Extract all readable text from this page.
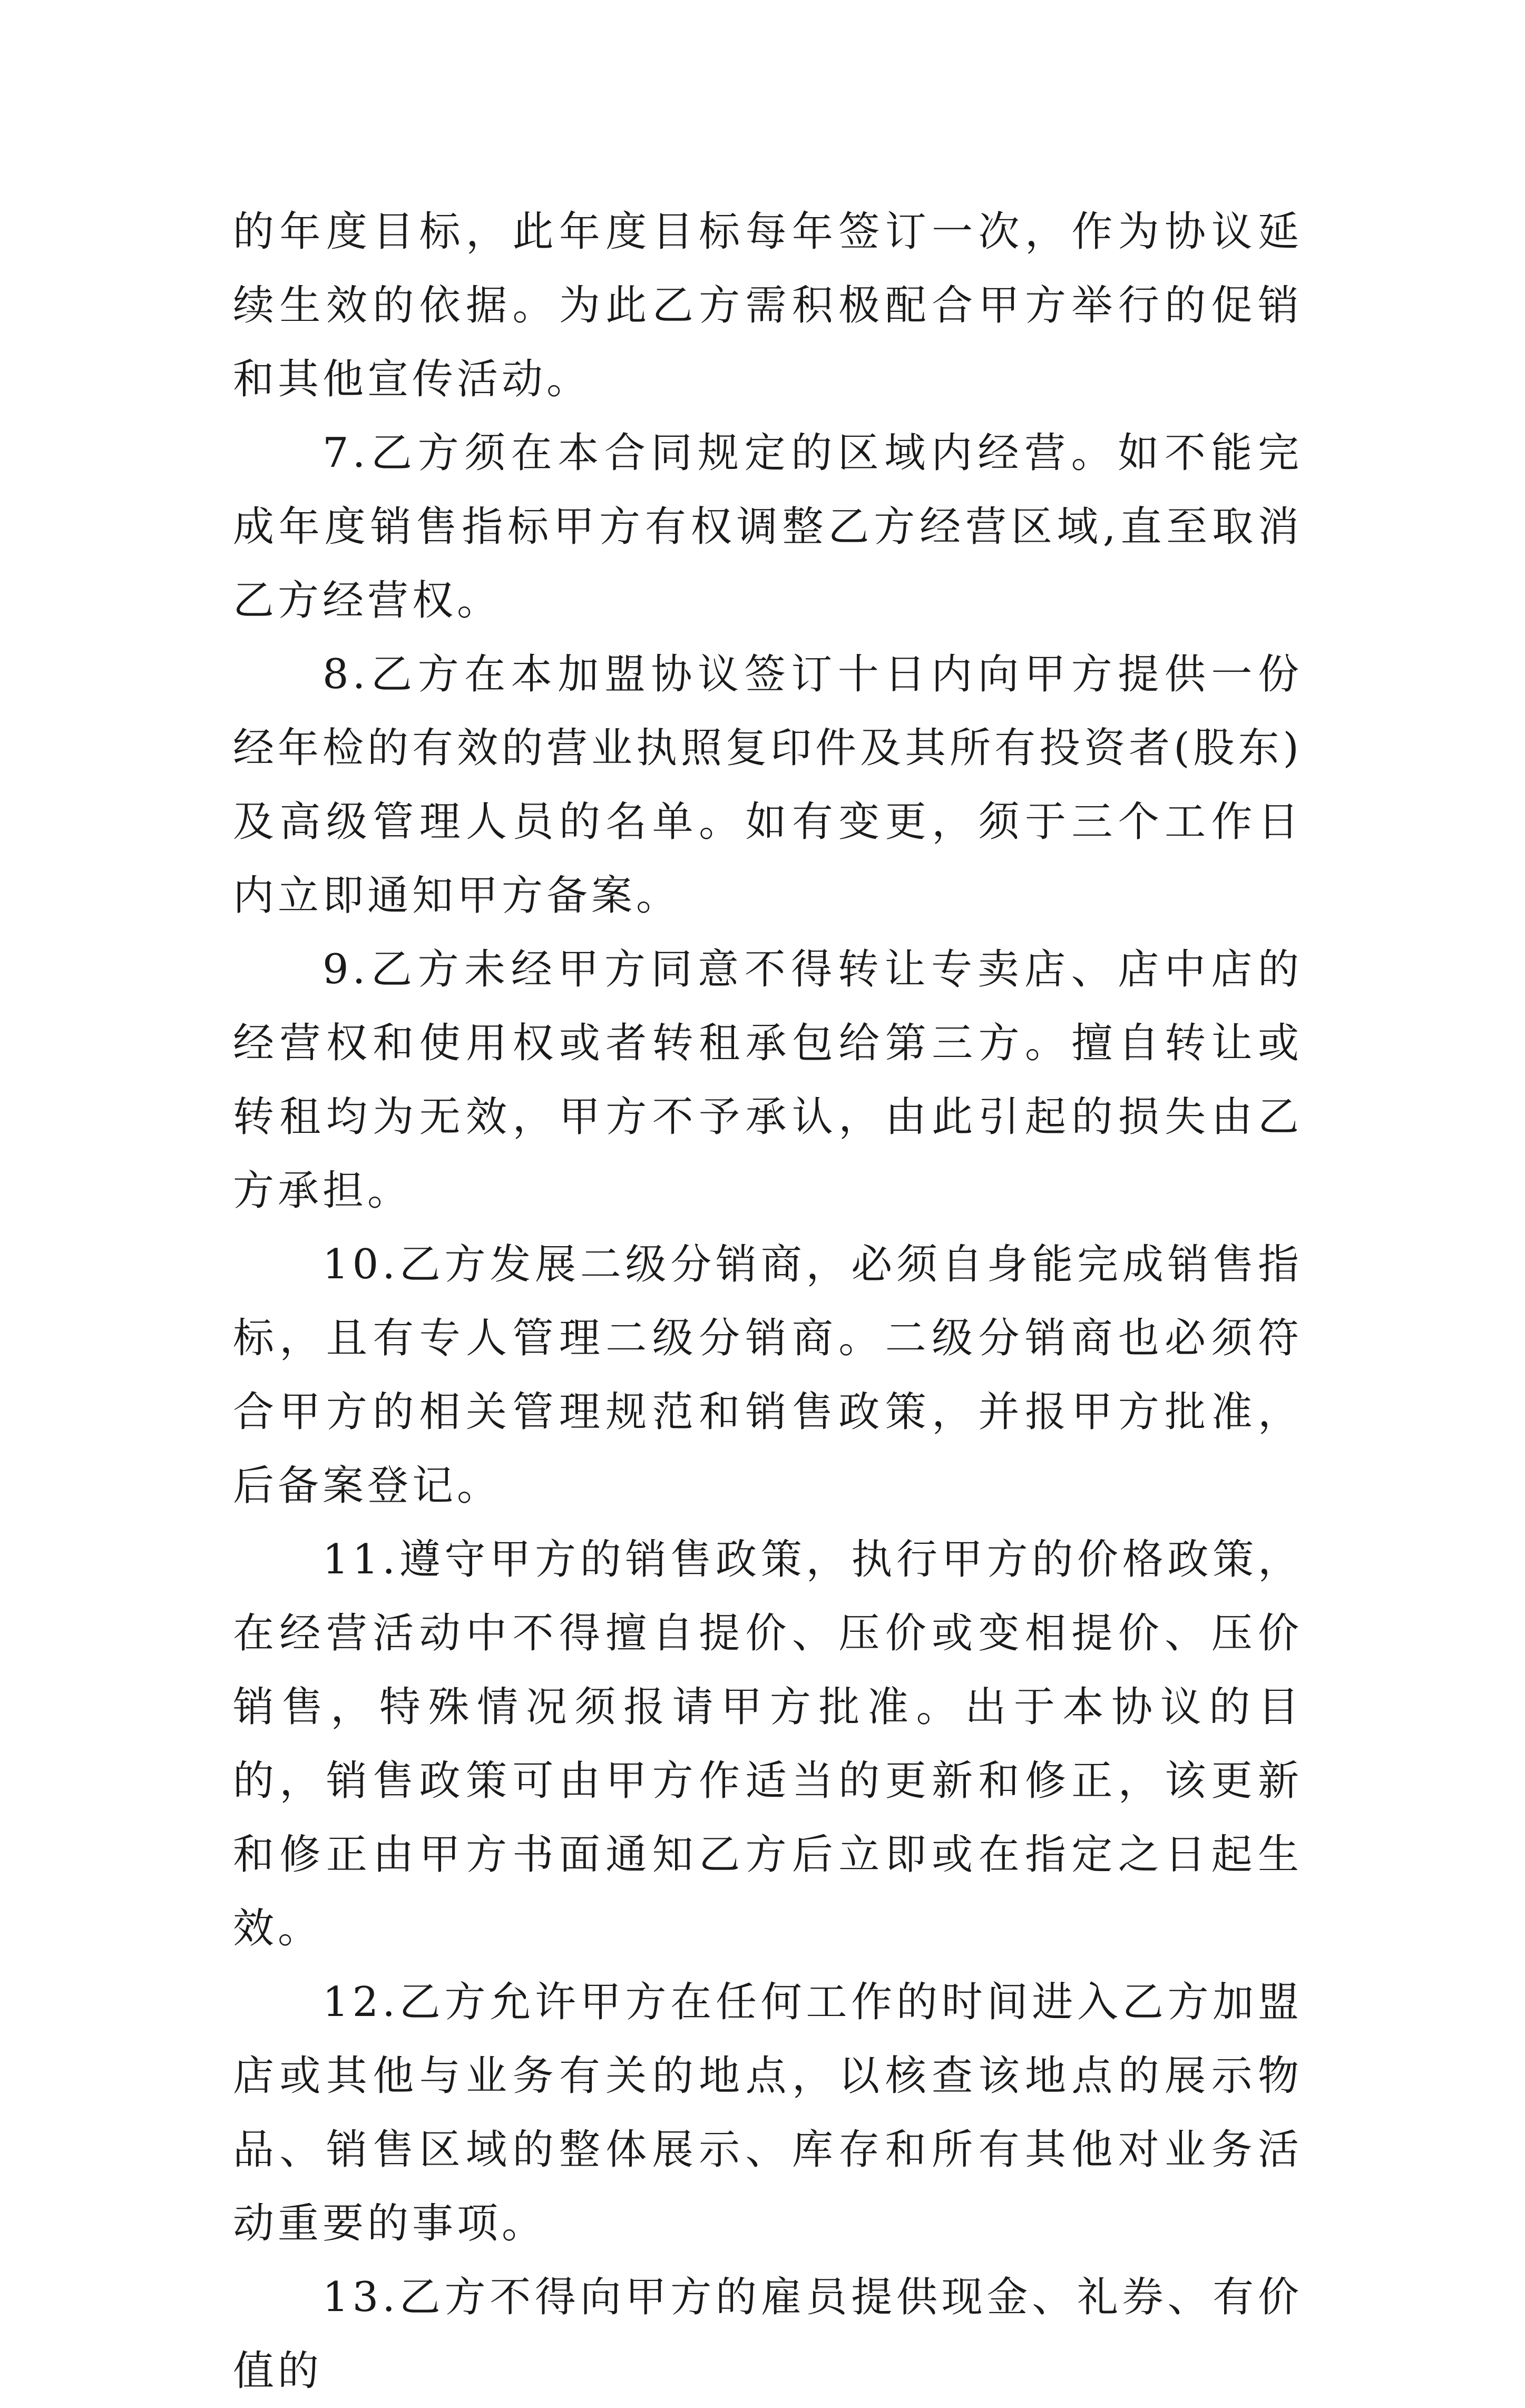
的年度目标，此年度目标每年签订一次，作为协议延续生效的依据。为此乙方需积极配合甲方举行的促销和其他宣传活动。

7.乙方须在本合同规定的区域内经营。如不能完成年度销售指标甲方有权调整乙方经营区域,直至取消乙方经营权。

8.乙方在本加盟协议签订十日内向甲方提供一份经年检的有效的营业执照复印件及其所有投资者(股东)及高级管理人员的名单。如有变更，须于三个工作日内立即通知甲方备案。

9.乙方未经甲方同意不得转让专卖店、店中店的经营权和使用权或者转租承包给第三方。擅自转让或转租均为无效，甲方不予承认，由此引起的损失由乙方承担。

10.乙方发展二级分销商，必须自身能完成销售指标，且有专人管理二级分销商。二级分销商也必须符合甲方的相关管理规范和销售政策，并报甲方批准，后备案登记。

11.遵守甲方的销售政策，执行甲方的价格政策，在经营活动中不得擅自提价、压价或变相提价、压价销售，特殊情况须报请甲方批准。出于本协议的目的，销售政策可由甲方作适当的更新和修正，该更新和修正由甲方书面通知乙方后立即或在指定之日起生效。

12.乙方允许甲方在任何工作的时间进入乙方加盟店或其他与业务有关的地点，以核查该地点的展示物品、销售区域的整体展示、库存和所有其他对业务活动重要的事项。

13.乙方不得向甲方的雇员提供现金、礼券、有价值的
